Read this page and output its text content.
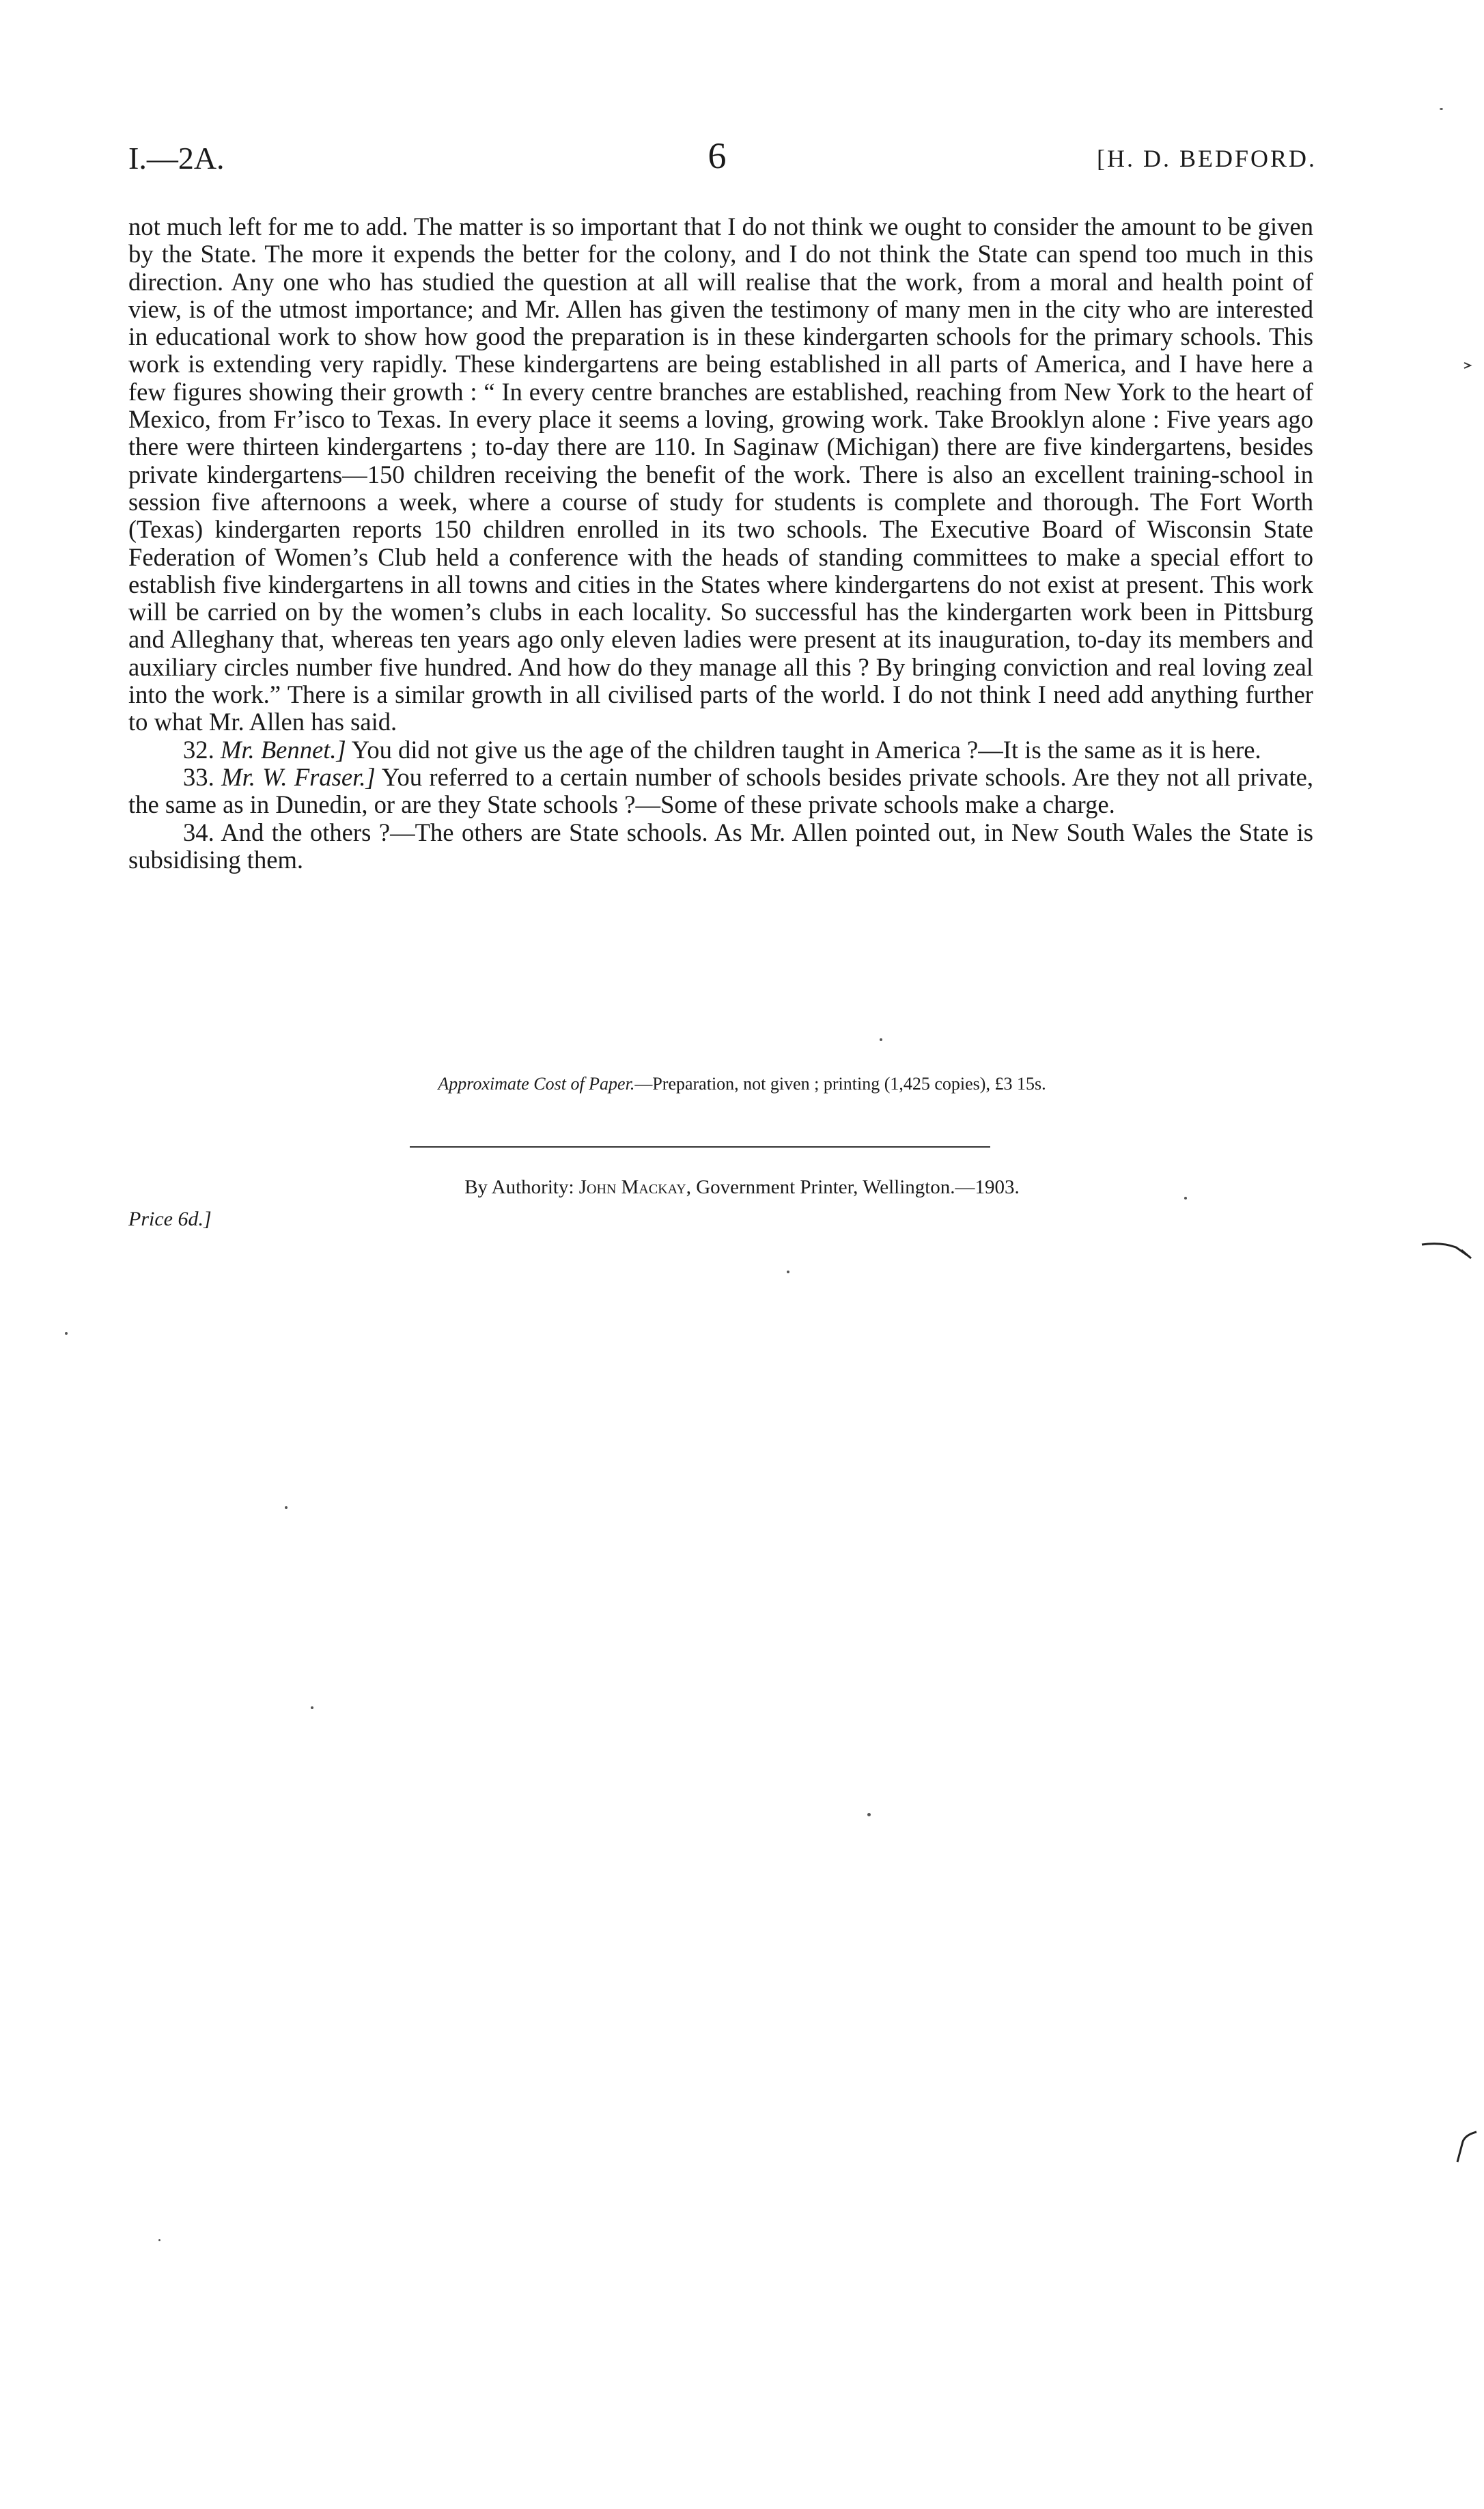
I.—2A.	6	[H. D. BEDFORD.

not much left for me to add. The matter is so important that I do not think we ought to consider the amount to be given by the State. The more it expends the better for the colony, and I do not think the State can spend too much in this direction. Any one who has studied the question at all will realise that the work, from a moral and health point of view, is of the utmost importance; and Mr. Allen has given the testimony of many men in the city who are interested in educational work to show how good the preparation is in these kindergarten schools for the primary schools. This work is extending very rapidly. These kindergartens are being established in all parts of America, and I have here a few figures showing their growth : “ In every centre branches are established, reaching from New York to the heart of Mexico, from Fr’isco to Texas. In every place it seems a loving, growing work. Take Brooklyn alone : Five years ago there were thirteen kindergartens ; to-day there are 110. In Saginaw (Michigan) there are five kindergartens, besides private kindergartens—150 children receiving the benefit of the work. There is also an excellent training-school in session five afternoons a week, where a course of study for students is complete and thorough. The Fort Worth (Texas) kindergarten reports 150 children enrolled in its two schools. The Executive Board of Wisconsin State Federation of Women’s Club held a conference with the heads of standing committees to make a special effort to establish five kindergartens in all towns and cities in the States where kindergartens do not exist at present. This work will be carried on by the women’s clubs in each locality. So successful has the kindergarten work been in Pittsburg and Alleghany that, whereas ten years ago only eleven ladies were present at its inauguration, to-day its members and auxiliary circles number five hundred. And how do they manage all this ? By bringing conviction and real loving zeal into the work.” There is a similar growth in all civilised parts of the world. I do not think I need add anything further to what Mr. Allen has said.

32. Mr. Bennet.] You did not give us the age of the children taught in America ?—It is the same as it is here.

33. Mr. W. Fraser.] You referred to a certain number of schools besides private schools. Are they not all private, the same as in Dunedin, or are they State schools ?—Some of these private schools make a charge.

34. And the others ?—The others are State schools. As Mr. Allen pointed out, in New South Wales the State is subsidising them.

Approximate Cost of Paper.—Preparation, not given ; printing (1,425 copies), £3 15s.
By Authority: John Mackay, Government Printer, Wellington.—1903.
Price 6d.]
